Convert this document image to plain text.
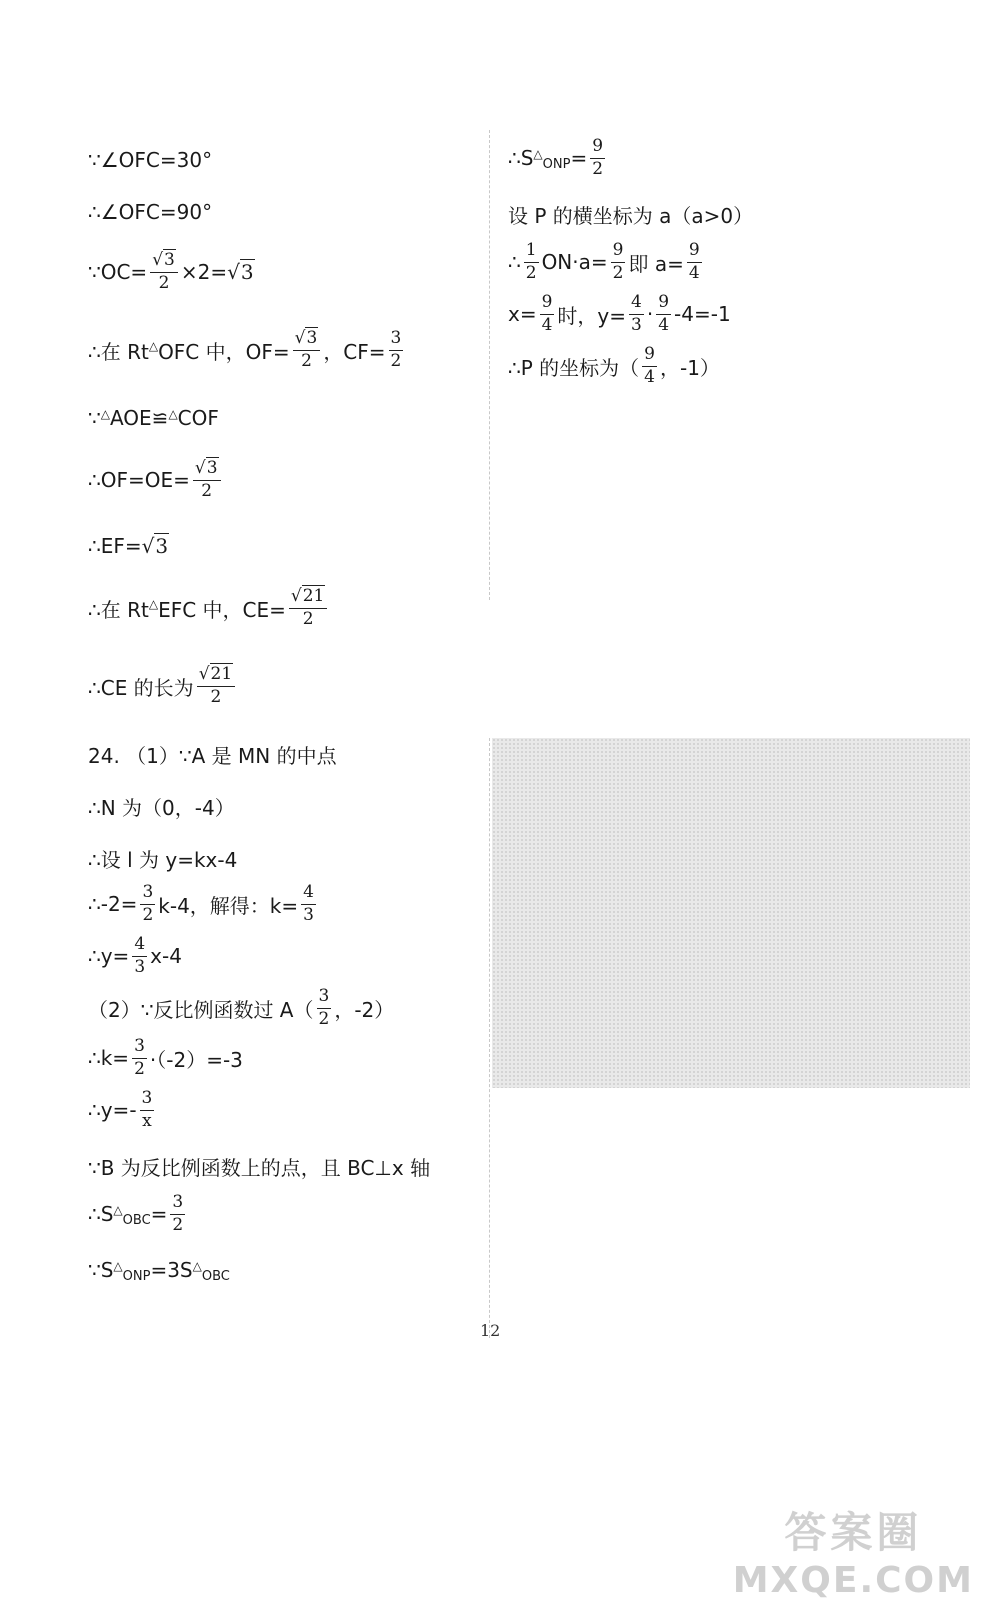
∵∠OFC=30°
∴∠OFC=90°
∵OC= $\frac{√3}{2} \times 2= √3$
∴在 Rt △ OFC 中，$OF= \frac{√3}{2}$ ，$CF= \frac{3}{2}$
∵ △ AOE≌ △ COF
∴OF=OE= $\frac{√3}{2}$
∴EF= √3
∴在 Rt △ EFC 中，$CE= \frac{√21}{2}$
∴CE 的长为 $\frac{√21}{2}$
24. （1）∵A 是 MN 的中点
∴N 为（0，-4）
∴设 l 为 y=kx-4
∴-2= $\frac{3}{2} k-4$，解得：$k= \frac{4}{3}$
∴y= $\frac{4}{3} x-4$
（2）∵反比例函数过 $A( \frac{3}{2}$ ，-2）
∴k= $\frac{3}{2} \cdot(-2)=-3$
∴y=- $\frac{3}{x}$
∵B 为反比例函数上的点，且 BC⊥x 轴
∴S △
OBC = $\frac{3}{2}$
∵S △
ONP =3S △
OBC
∴S △
ONP = $\frac{9}{2}$
设 P 的横坐标为 a（a>0）
∴ $\frac{1}{2} ON\cdot a= \frac{9}{2}$ 即 $a= \frac{9}{4}$
$x= \frac{9}{4}$ 时，$y= \frac{4}{3} \cdot \frac{9}{4} -4=-1$
∴P 的坐标为（ $\frac{9}{4}$ ，-1）
12
答案圈
MXQE.COM
